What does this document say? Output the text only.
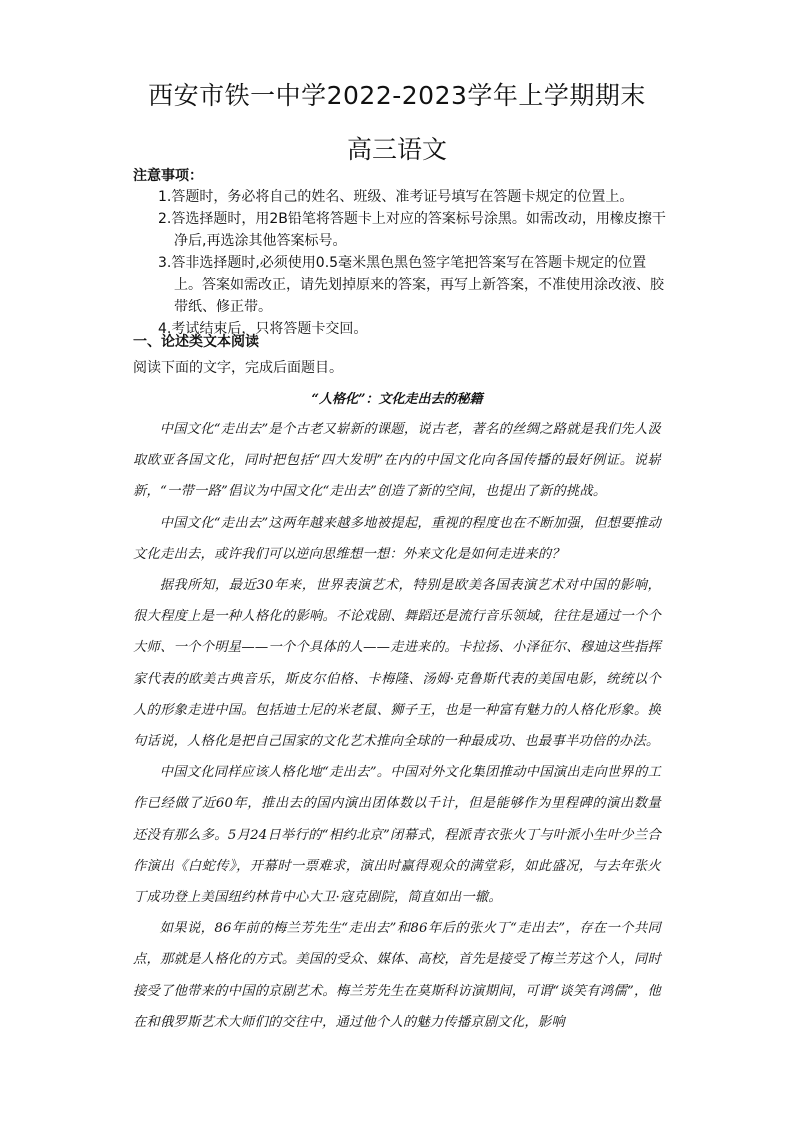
西安市铁一中学2022-2023学年上学期期末
高三语文
注意事项：

1.答题时，务必将自己的姓名、班级、准考证号填写在答题卡规定的位置上。

2.答选择题时，用2B铅笔将答题卡上对应的答案标号涂黑。如需改动，用橡皮擦干净后,再选涂其他答案标号。

3.答非选择题时,必须使用0.5毫米黑色黑色签字笔把答案写在答题卡规定的位置上。答案如需改正，请先划掉原来的答案，再写上新答案，不准使用涂改液、胶带纸、修正带。

4.考试结束后，只将答题卡交回。

一、论述类文本阅读
阅读下面的文字，完成后面题目。
“人格化”：文化走出去的秘籍

中国文化“走出去”是个古老又崭新的课题，说古老，著名的丝绸之路就是我们先人汲取欧亚各国文化，同时把包括“四大发明”在内的中国文化向各国传播的最好例证。说崭新，“一带一路”倡议为中国文化“走出去”创造了新的空间，也提出了新的挑战。

中国文化“走出去”这两年越来越多地被提起，重视的程度也在不断加强，但想要推动文化走出去，或许我们可以逆向思维想一想：外来文化是如何走进来的？

据我所知，最近30年来，世界表演艺术，特别是欧美各国表演艺术对中国的影响，很大程度上是一种人格化的影响。不论戏剧、舞蹈还是流行音乐领域，往往是通过一个个大师、一个个明星——一个个具体的人——走进来的。卡拉扬、小泽征尔、穆迪这些指挥家代表的欧美古典音乐，斯皮尔伯格、卡梅隆、汤姆·克鲁斯代表的美国电影，统统以个人的形象走进中国。包括迪士尼的米老鼠、狮子王，也是一种富有魅力的人格化形象。换句话说，人格化是把自己国家的文化艺术推向全球的一种最成功、也最事半功倍的办法。

中国文化同样应该人格化地“走出去”。中国对外文化集团推动中国演出走向世界的工作已经做了近60年，推出去的国内演出团体数以千计，但是能够作为里程碑的演出数量还没有那么多。5月24日举行的“相约北京”闭幕式，程派青衣张火丁与叶派小生叶少兰合作演出《白蛇传》，开幕时一票难求，演出时赢得观众的满堂彩，如此盛况，与去年张火丁成功登上美国纽约林肯中心大卫·寇克剧院，简直如出一辙。

如果说，86年前的梅兰芳先生“走出去”和86年后的张火丁“走出去”，存在一个共同点，那就是人格化的方式。美国的受众、媒体、高校，首先是接受了梅兰芳这个人，同时接受了他带来的中国的京剧艺术。梅兰芳先生在莫斯科访演期间，可谓“谈笑有鸿儒”，他在和俄罗斯艺术大师们的交往中，通过他个人的魅力传播京剧文化，影响
